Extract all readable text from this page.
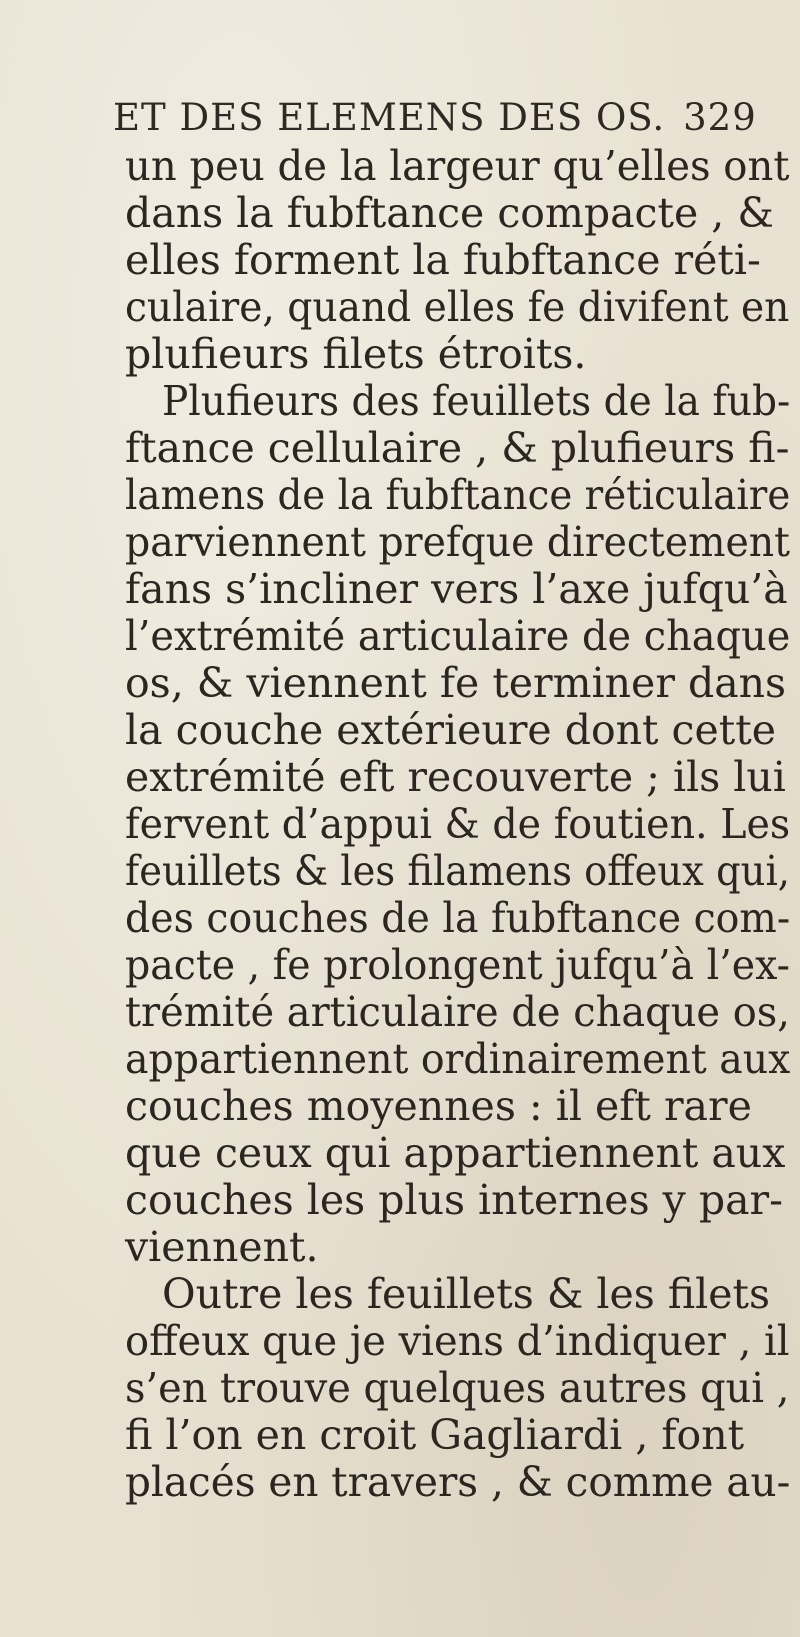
ET DES ELEMENS DES OS. 329
un peu de la largeur qu’elles ont
dans la fubftance compacte , &
elles forment la fubftance réti-
culaire, quand elles fe divifent en
plufieurs filets étroits.
Plufieurs des feuillets de la fub-
ftance cellulaire , & plufieurs fi-
lamens de la fubftance réticulaire
parviennent prefque directement
fans s’incliner vers l’axe jufqu’à
l’extrémité articulaire de chaque
os, & viennent fe terminer dans
la couche extérieure dont cette
extrémité eft recouverte ; ils lui
fervent d’appui & de foutien. Les
feuillets & les filamens offeux qui,
des couches de la fubftance com-
pacte , fe prolongent jufqu’à l’ex-
trémité articulaire de chaque os,
appartiennent ordinairement aux
couches moyennes : il eft rare
que ceux qui appartiennent aux
couches les plus internes y par-
viennent.
Outre les feuillets & les filets
offeux que je viens d’indiquer , il
s’en trouve quelques autres qui ,
fi l’on en croit Gagliardi , font
placés en travers , & comme au-
